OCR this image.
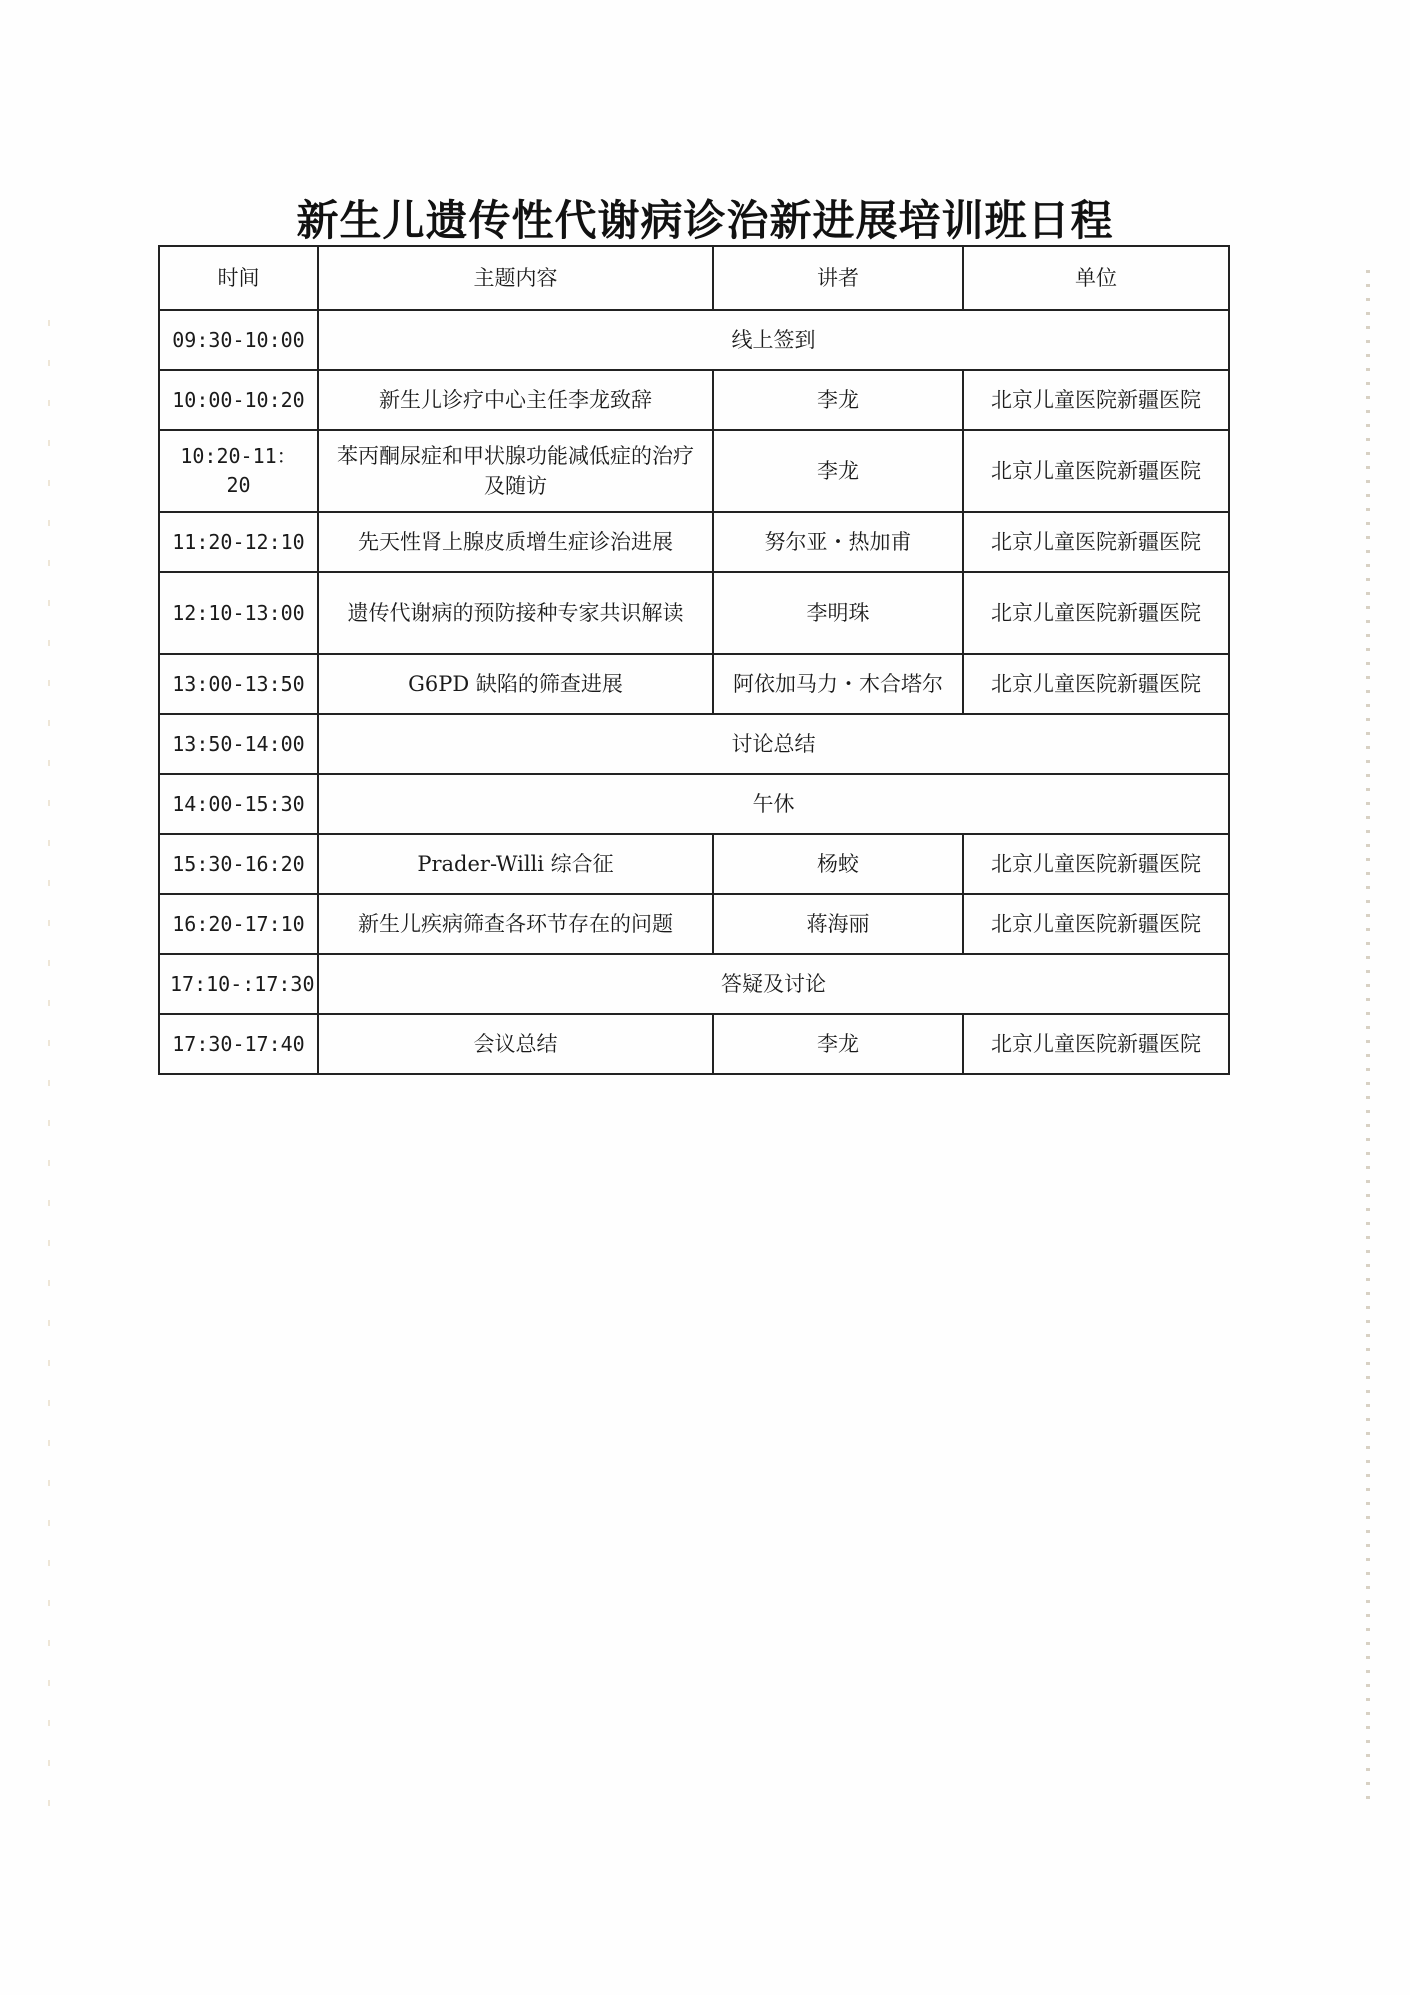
新生儿遗传性代谢病诊治新进展培训班日程
时间	主题内容	讲者	单位
09:30-10:00	线上签到		
10:00-10:20	新生儿诊疗中心主任李龙致辞	李龙	北京儿童医院新疆医院
10:20-11：20	苯丙酮尿症和甲状腺功能减低症的治疗及随访	李龙	北京儿童医院新疆医院
11:20-12:10	先天性肾上腺皮质增生症诊治进展	努尔亚・热加甫	北京儿童医院新疆医院
12:10-13:00	遗传代谢病的预防接种专家共识解读	李明珠	北京儿童医院新疆医院
13:00-13:50	G6PD 缺陷的筛查进展	阿依加马力・木合塔尔	北京儿童医院新疆医院
13:50-14:00	讨论总结		
14:00-15:30	午休		
15:30-16:20	Prader-Willi 综合征	杨蛟	北京儿童医院新疆医院
16:20-17:10	新生儿疾病筛查各环节存在的问题	蒋海丽	北京儿童医院新疆医院
17:10-:17:30	答疑及讨论		
17:30-17:40	会议总结	李龙	北京儿童医院新疆医院
